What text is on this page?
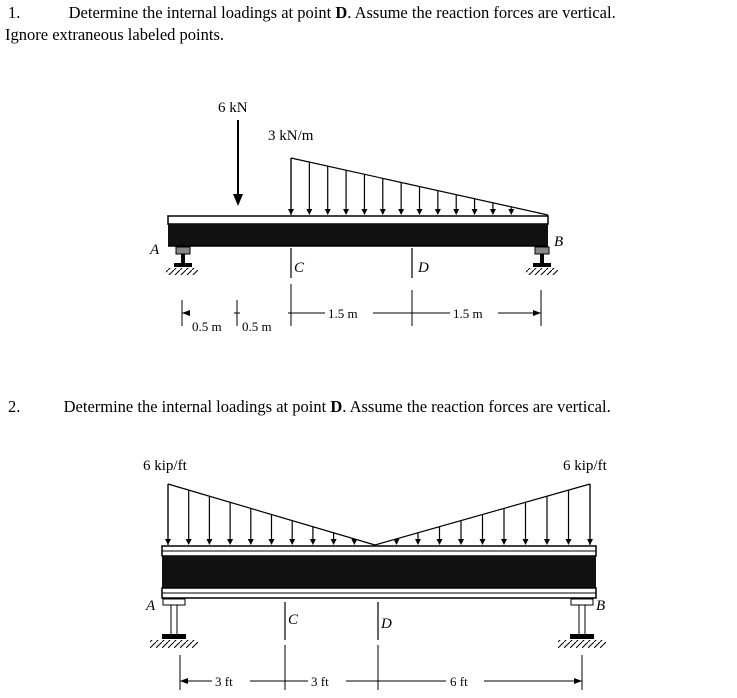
1.	Determine the internal loadings at point D. Assume the reaction forces are vertical.
Ignore extraneous labeled points.
2.	Determine the internal loadings at point D. Assume the reaction forces are vertical.
6 kN
3 kN/m
A	B
C	D
0.5 m 0.5 m
1.5 m	1.5 m
6 kip/ft	6 kip/ft
A	B
C	D
3 ft	3 ft	6 ft
